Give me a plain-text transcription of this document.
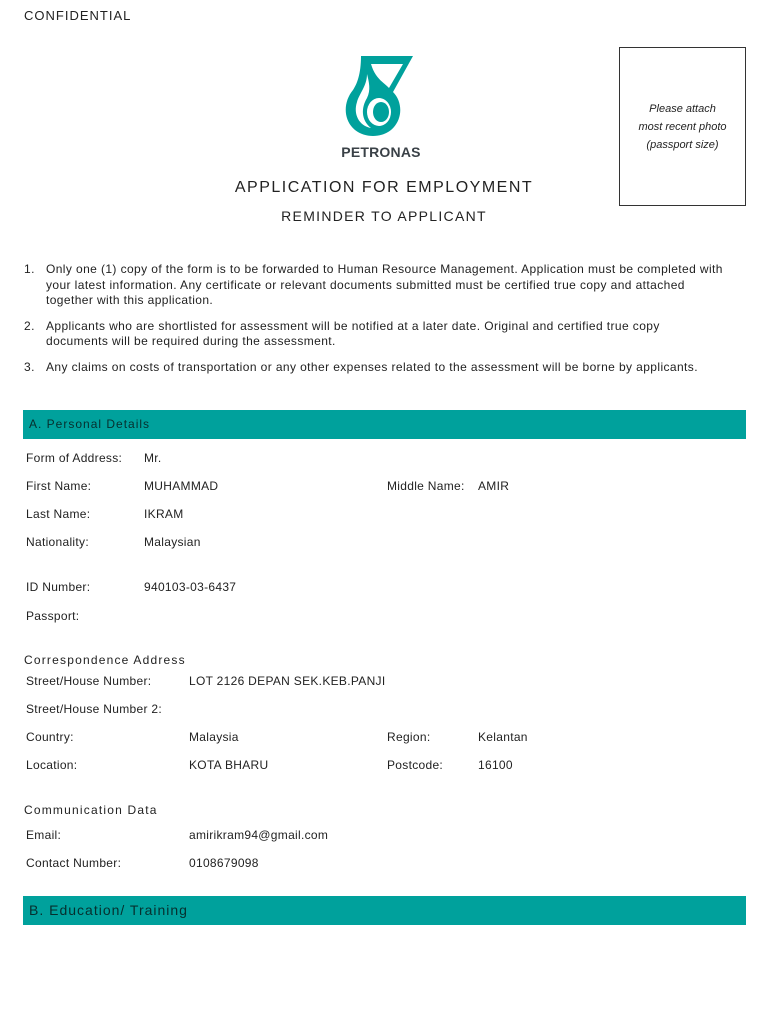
CONFIDENTIAL
PETRONAS
Please attach
most recent photo
(passport size)
APPLICATION FOR EMPLOYMENT
REMINDER TO APPLICANT
1. Only one (1) copy of the form is to be forwarded to Human Resource Management. Application must be completed with your latest information. Any certificate or relevant documents submitted must be certified true copy and attached together with this application.
2. Applicants who are shortlisted for assessment will be notified at a later date. Original and certified true copy documents will be required during the assessment.
3. Any claims on costs of transportation or any other expenses related to the assessment will be borne by applicants.
A. Personal Details
Form of Address: Mr.
First Name:	MUHAMMAD	Middle Name: AMIR
Last Name:	IKRAM
Nationality:	Malaysian
ID Number:	940103-03-6437
Passport:
Correspondence Address
Street/House Number:	LOT 2126 DEPAN SEK.KEB.PANJI
Street/House Number 2:
Country:	Malaysia	Region:	Kelantan
Location:	KOTA BHARU	Postcode:	16100
Communication Data
Email:	amirikram94@gmail.com
Contact Number:	0108679098
B. Education/ Training
